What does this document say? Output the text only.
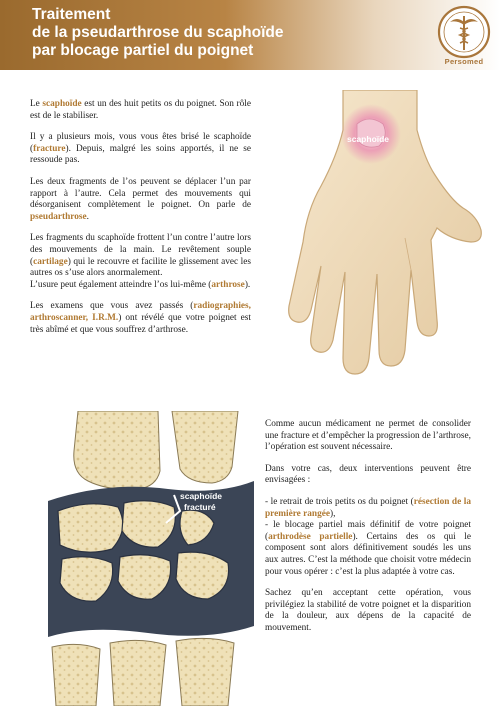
Traitement
de la pseudarthrose du scaphoïde
par blocage partiel du poignet
Persomed

Le scaphoïde est un des huit petits os du poignet. Son rôle est de le stabiliser.

Il y a plusieurs mois, vous vous êtes brisé le scaphoïde (fracture). Depuis, malgré les soins apportés, il ne se ressoude pas.

Les deux fragments de l’os peuvent se déplacer l’un par rapport à l’autre. Cela permet des mouvements qui désorganisent complètement le poignet. On parle de pseudarthrose.

Les fragments du scaphoïde frottent l’un contre l’autre lors des mouvements de la main. Le revêtement souple (cartilage) qui le recouvre et facilite le glissement avec les autres os s’use alors anormalement.

L’usure peut également atteindre l’os lui-même (arthrose).

Les examens que vous avez passés (radiographies, arthroscanner, I.R.M.) ont révélé que votre poignet est très abîmé et que vous souffrez d’arthrose.

scaphoïde
scaphoïde
fracturé

Comme aucun médicament ne permet de consolider une fracture et d’empêcher la progression de l’arthrose, l’opération est souvent nécessaire.

Dans votre cas, deux interventions peuvent être envisagées :

- le retrait de trois petits os du poignet (résection de la première rangée),

- le blocage partiel mais définitif de votre poignet (arthrodèse partielle). Certains des os qui le composent sont alors définitivement soudés les uns aux autres. C’est la méthode que choisit votre médecin pour vous opérer : c’est la plus adaptée à votre cas.

Sachez qu’en acceptant cette opération, vous privilégiez la stabilité de votre poignet et la disparition de la douleur, aux dépens de la capacité de mouvement.
